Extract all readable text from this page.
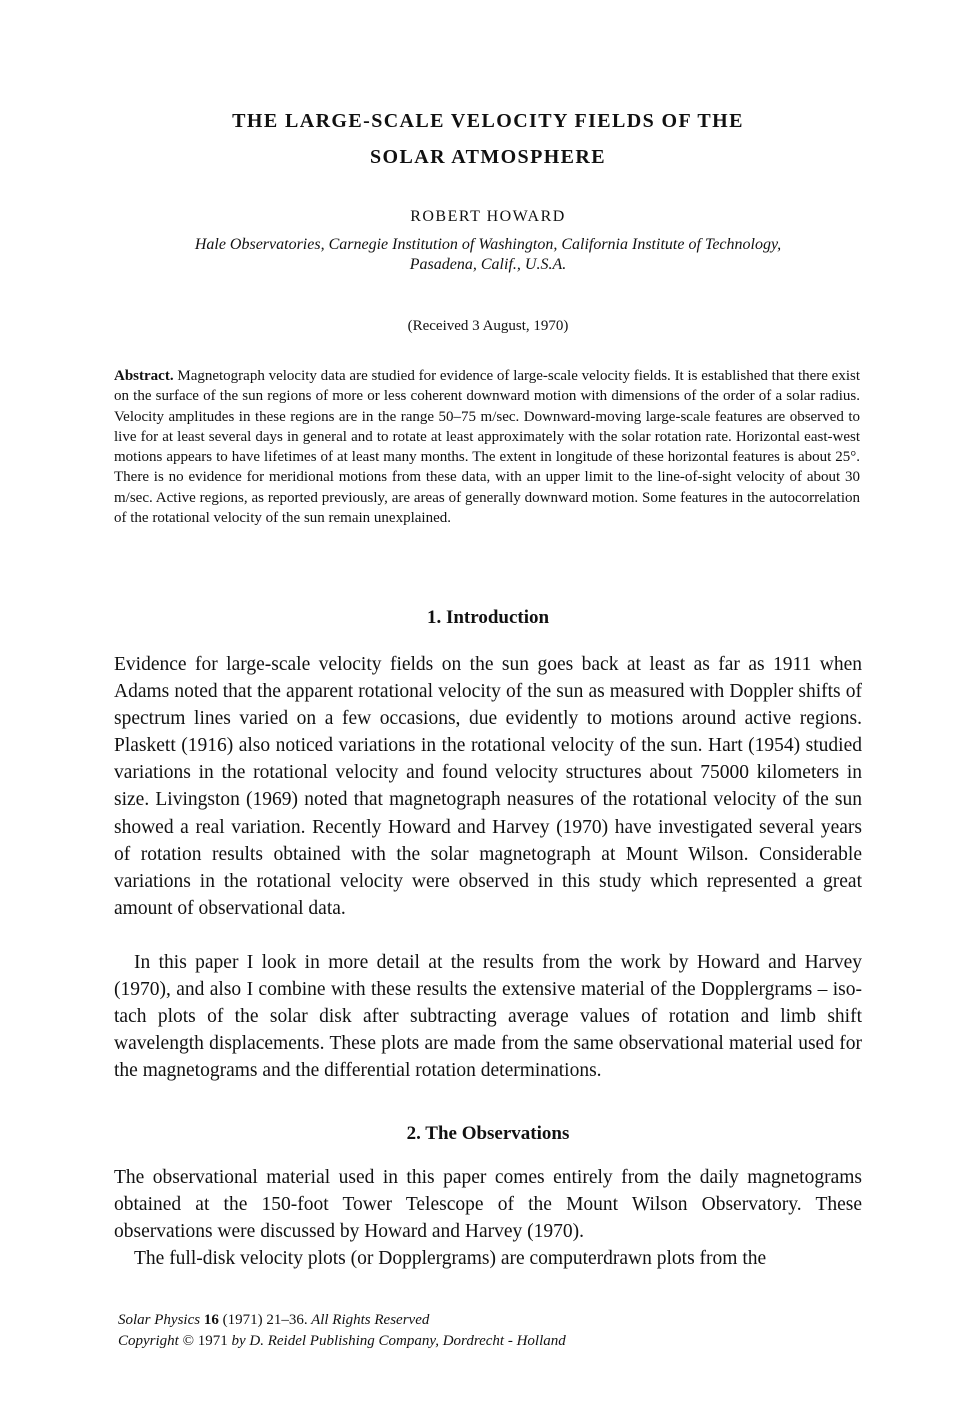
THE LARGE-SCALE VELOCITY FIELDS OF THE
SOLAR ATMOSPHERE
ROBERT HOWARD
Hale Observatories, Carnegie Institution of Washington, California Institute of Technology,
Pasadena, Calif., U.S.A.
(Received 3 August, 1970)

Abstract. Magnetograph velocity data are studied for evidence of large-scale velocity fields. It is established that there exist on the surface of the sun regions of more or less coherent downward motion with dimensions of the order of a solar radius. Velocity amplitudes in these regions are in the range 50–75 m/sec. Downward-moving large-scale features are observed to live for at least several days in general and to rotate at least approximately with the solar rotation rate. Horizontal east-west motions appears to have lifetimes of at least many months. The extent in longitude of these horizontal features is about 25°. There is no evidence for meridional motions from these data, with an upper limit to the line-of-sight velocity of about 30 m/sec. Active regions, as reported previously, are areas of generally downward motion. Some features in the autocorrelation of the rotational velocity of the sun remain unexplained.

1. Introduction

Evidence for large-scale velocity fields on the sun goes back at least as far as 1911 when Adams noted that the apparent rotational velocity of the sun as measured with Doppler shifts of spectrum lines varied on a few occasions, due evidently to motions around active regions. Plaskett (1916) also noticed variations in the rotational velocity of the sun. Hart (1954) studied variations in the rotational velocity and found velocity structures about 75000 kilometers in size. Livingston (1969) noted that magnetograph neasures of the rotational velocity of the sun showed a real variation. Recently Howard and Harvey (1970) have investigated several years of rotation results obtained with the solar magnetograph at Mount Wilson. Considerable variations in the rotational velocity were observed in this study which represented a great amount of observational data.

In this paper I look in more detail at the results from the work by Howard and Harvey (1970), and also I combine with these results the extensive material of the Dopplergrams – iso-tach plots of the solar disk after subtracting average values of rotation and limb shift wavelength displacements. These plots are made from the same observational material used for the magnetograms and the differential rotation determinations.

2. The Observations

The observational material used in this paper comes entirely from the daily magnetograms obtained at the 150-foot Tower Telescope of the Mount Wilson Observatory. These observations were discussed by Howard and Harvey (1970).

The full-disk velocity plots (or Dopplergrams) are computerdrawn plots from the

Solar Physics 16 (1971) 21–36. All Rights Reserved
Copyright © 1971 by D. Reidel Publishing Company, Dordrecht - Holland
